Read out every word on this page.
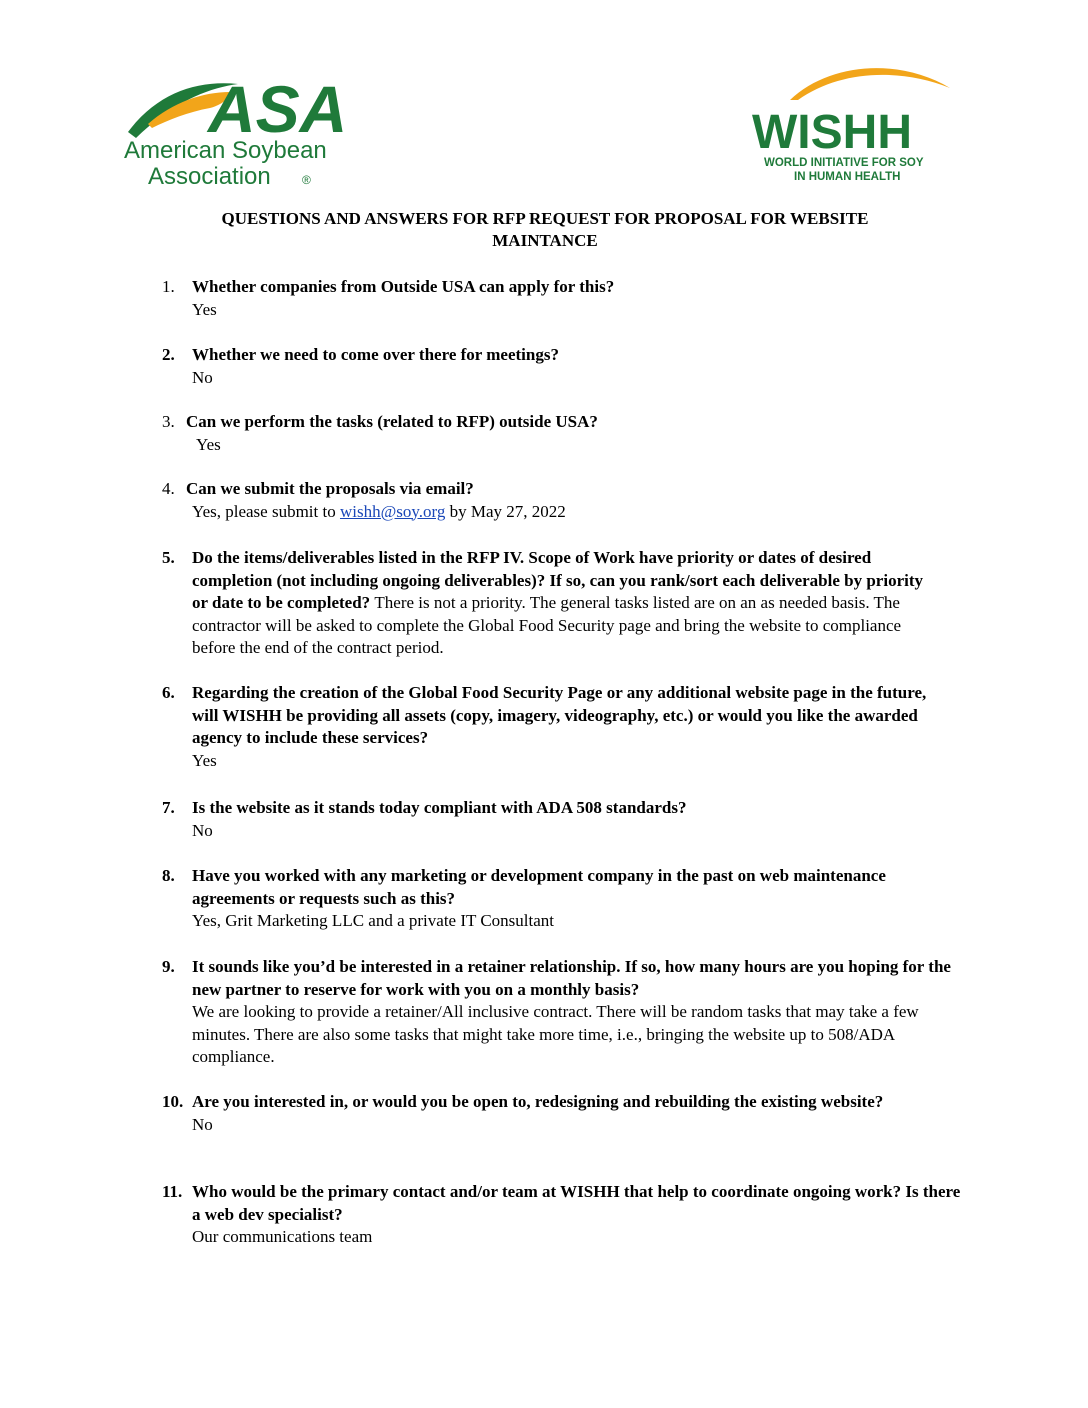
ASA
American Soybean
Association	®
WISHH
WORLD INITIATIVE FOR SOY
IN HUMAN HEALTH
QUESTIONS AND ANSWERS FOR RFP REQUEST FOR PROPOSAL FOR WEBSITE
MAINTANCE
1. Whether companies from Outside USA can apply for this?
Yes
2. Whether we need to come over there for meetings?
No
3. Can we perform the tasks (related to RFP) outside USA?
Yes
4. Can we submit the proposals via email?
Yes, please submit to wishh@soy.org by May 27, 2022
5. Do the items/deliverables listed in the RFP IV. Scope of Work have priority or dates of desired completion (not including ongoing deliverables)? If so, can you rank/sort each deliverable by priority or date to be completed? There is not a priority. The general tasks listed are on an as needed basis. The contractor will be asked to complete the Global Food Security page and bring the website to compliance before the end of the contract period.
6. Regarding the creation of the Global Food Security Page or any additional website page in the future, will WISHH be providing all assets (copy, imagery, videography, etc.) or would you like the awarded agency to include these services?
Yes
7. Is the website as it stands today compliant with ADA 508 standards?
No
8. Have you worked with any marketing or development company in the past on web maintenance agreements or requests such as this?
Yes, Grit Marketing LLC and a private IT Consultant
9. It sounds like you’d be interested in a retainer relationship. If so, how many hours are you hoping for the new partner to reserve for work with you on a monthly basis?
We are looking to provide a retainer/All inclusive contract. There will be random tasks that may take a few minutes. There are also some tasks that might take more time, i.e., bringing the website up to 508/ADA compliance.
10. Are you interested in, or would you be open to, redesigning and rebuilding the existing website?
No
11. Who would be the primary contact and/or team at WISHH that help to coordinate ongoing work? Is there a web dev specialist?
Our communications team
